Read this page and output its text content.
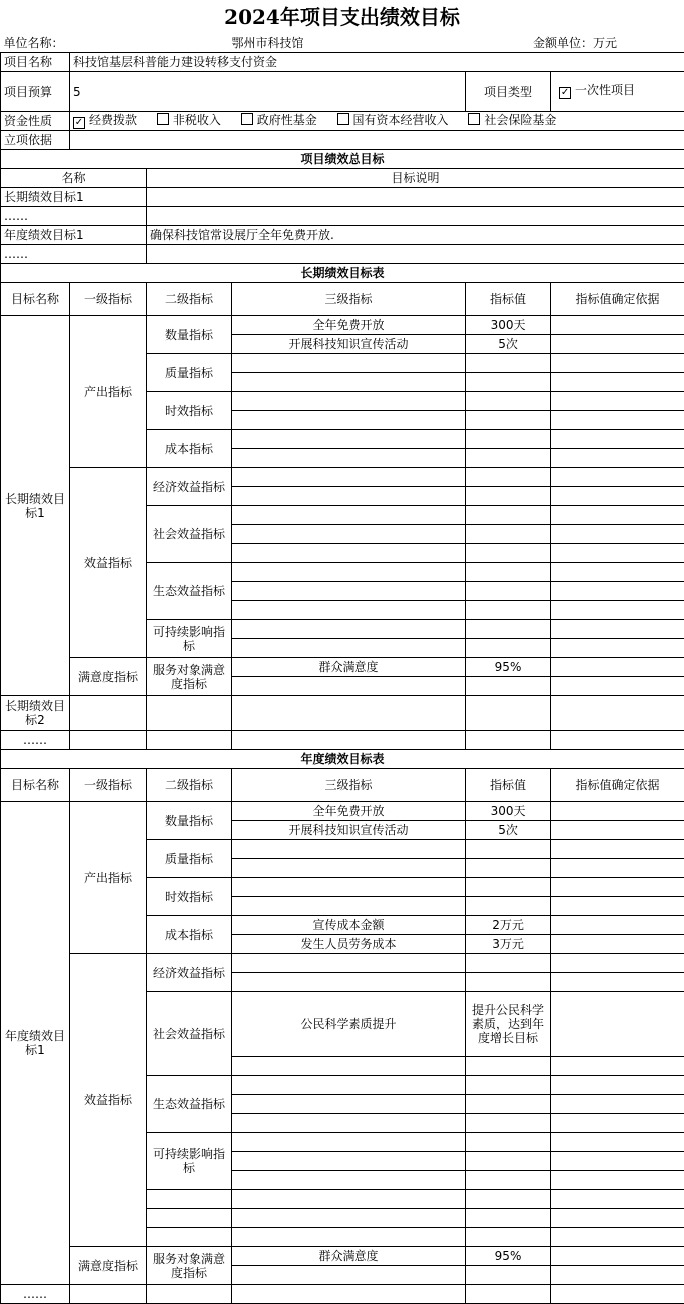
2024年项目支出绩效目标
单位名称：	鄂州市科技馆			金额单位：万元	
项目名称	科技馆基层科普能力建设转移支付资金				
项目预算	5			项目类型	✓ 一次性项目

资金性质	✓ 经费拨款 非税收入 政府性基金 国有资本经营收入 社会保险基金				
立项依据					
项目绩效总目标					
名称		目标说明			
长期绩效目标1					
……					
年度绩效目标1		确保科技馆常设展厅全年免费开放.			
……					
长期绩效目标表					
目标名称	一级指标	二级指标	三级指标	指标值	指标值确定依据
长期绩效目标1	产出指标	数量指标	全年免费开放	300天	
			开展科技知识宣传活动	5次	
		质量指标			

		时效指标			

		成本指标			

	效益指标	经济效益指标			

		社会效益指标			

		生态效益指标			

		可持续影响指标			

	满意度指标	服务对象满意度指标	群众满意度	95%	

长期绩效目标2					
……					
年度绩效目标表					
目标名称	一级指标	二级指标	三级指标	指标值	指标值确定依据
年度绩效目标1	产出指标	数量指标	全年免费开放	300天	
			开展科技知识宣传活动	5次	
		质量指标			

		时效指标			

		成本指标	宣传成本金额	2万元	
			发生人员劳务成本	3万元	
	效益指标	经济效益指标			

		社会效益指标	公民科学素质提升	提升公民科学素质，达到年度增长目标	

		生态效益指标			

		可持续影响指标			

	满意度指标	服务对象满意度指标	群众满意度	95%	

……					
